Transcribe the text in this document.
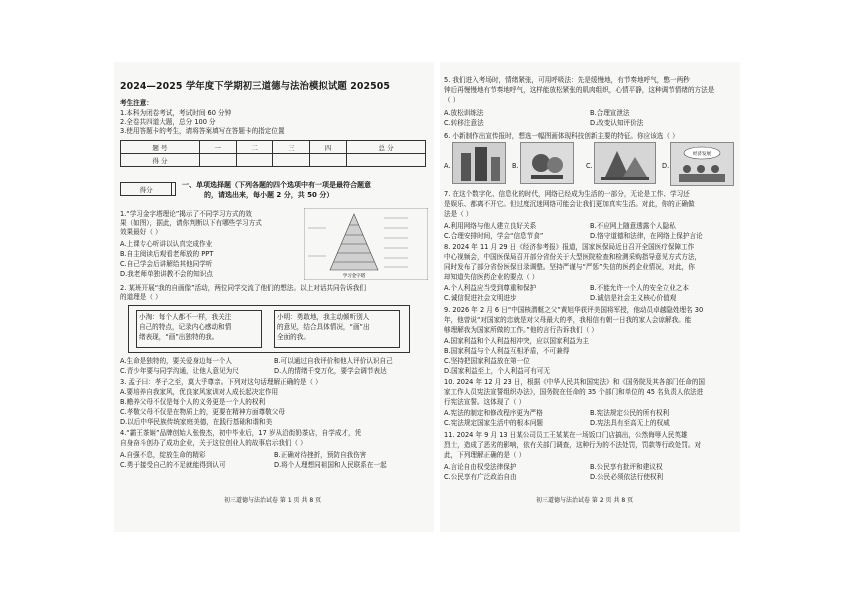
2024—2025 学年度下学期初三道德与法治模拟试题 202505
考生注意：
1.本科为闭卷考试，考试时间 60 分钟
2.全卷共四道大题，总分 100 分
3.使用答题卡的考生，请将答案填写在答题卡的指定位置
题 号	一	二	三	四	总 分
得 分					
得分	
一、单项选择题（下列各题的四个选项中有一项是最符合题意
的，请选出来，每小题 2 分，共 50 分）
1.“学习金字塔理论”揭示了不同学习方式的效
果（如图），据此，请你判断以下有哪些学习方式
效果最好（ ）
A.上课专心听讲以认真完成作业
B.自主阅读后观看老师放的 PPT
C.自己学会后讲解给其他同学听
D.我老师单独讲教不会的知识点	学习金字塔
2. 某班开展“我的自画像”活动，两位同学交流了他们的想法。以上对话共同告诉我们
的道理是（ ）
小淘：每个人都不一样，我关注
自己的特点，记录内心感动和情
绪表现，“画”出独特的我。
小明：勇敢地，我主动倾听别人
的意见，结合具体情况，“画”出
全面的我。
A.生命是独特的，要关爱身边每一个人	B.可以通过自我评价和他人评价认识自己
C.青少年要与同学沟通，让他人意见为尺	D.人的情绪千变万化，要学会调节表达
3. 孟子曰：孝子之至，莫大乎尊亲。下列对这句话理解正确的是（ ）
A.要培养自我家风，优良家风家训对人成长起决定作用
B.赡养父母不仅是每个人的义务更是一个人的权利
C.孝敬父母不仅是在物质上的，更要在精神方面尊敬父母
D.以后中华民族传统家庭美德，在践行基础和谐和美
4.“霸王茶姬”品牌创始人张俊杰，初中毕业后，17 岁从沿街奶茶店，自学成才，凭
自身奋斗创办了成功企业，关于这位创业人的故事启示我们（ ）
A.自强不息，绽放生命的精彩	B.正确对待挫折，预防自我伤害
C.勇于接受自己的不足就能得到认可	D.将个人理想同祖国和人民联系在一起
初三道德与法治试卷 第 1 页 共 8 页
5. 我们进入考场时，情绪紧张，可用呼吸法：先是缓慢地，有节奏地呼气，憋一两秒
钟后再慢慢地有节奏地呼气，这样能放松紧张的肌肉组织，心情平静，这种调节情绪的方法是
（ ）
A.放松训练法	B.合理宣泄法
C.转移注意法	D.改变认知评价法
6. 小新制作出宣传报时，想选一幅图画体现科技创新主要的特征。你应该选（ ）
A.	B.	C.	D.
经济发展
7. 在这个数字化、信息化的时代，网络已经成为生活的一部分，无论是工作、学习还
是娱乐、都离不开它。但过度沉迷网络可能会让我们更加真实生活。对此，你的正确做
法是（ ）
A.利用网络与他人建立良好关系	B.不应网上随意透露个人隐私
C.合理安排时间，学会“信息节食”	D.恪守道德和法律，在网络上保护言论
8. 2024 年 11 月 29 日《经济参考报》报道，国家医保局近日召开全国医疗保障工作
中心视频会，中国医保局召开部分省份关于大型医院检查和检测采购指导意见方式方法，
同时发布了部分省份医保目录调整。坚持严谨与“严惩”失信的医药企业情况，对此，你
却知道失信医药企业的要点（ ）
A.个人利益应当受到尊重和保护	B.不能允许一个人的安全立业之本
C.诚信促进社会文明进步	D.诚信是社会主义核心价值观
9. 2026 年 2 月 6 日“中国核潜艇之父”黄旭华获评美国将军授，他动员卓越隐姓埋名 30
年，他曾说“对国家的忠就是对父母最大的孝，我相信有朝一日我的家人会谅解我。能
够理解我为国家所做的工作。”他的言行告诉我们（ ）
A.国家利益和个人利益相冲突，应以国家利益为主
B.国家利益与个人利益互相矛盾，不可兼得
C.坚持把国家利益放在第一位
D.国家利益至上，个人利益可有可无
10. 2024 年 12 月 23 日，根据《中华人民共和国宪法》和《国务院及其各部门任命的国
家工作人员宪法宣誓组织办法》，国务院在任命的 35 个部门和单位的 45 名负责人依法进
行宪法宣誓。这体现了（ ）
A.宪法的制定和修改程序更为严格	B.宪法规定公民的所有权利
C.宪法规定国家生活中的根本问题	D.宪法具有至高无上的权威
11. 2024 年 9 月 13 日某公司员工王某某在一场饭口门店搞出，公然侮辱人民英雄
烈士，造成了恶劣的影响，依有关部门调查，这种行为的不法处罚，罚款等行政处罚。对
此，下列理解正确的是（ ）
A.言论自由权受法律保护	B.公民享有批评和建议权
C.公民享有广泛政治自由	D.公民必须依法行使权利
初三道德与法治试卷 第 2 页 共 8 页
